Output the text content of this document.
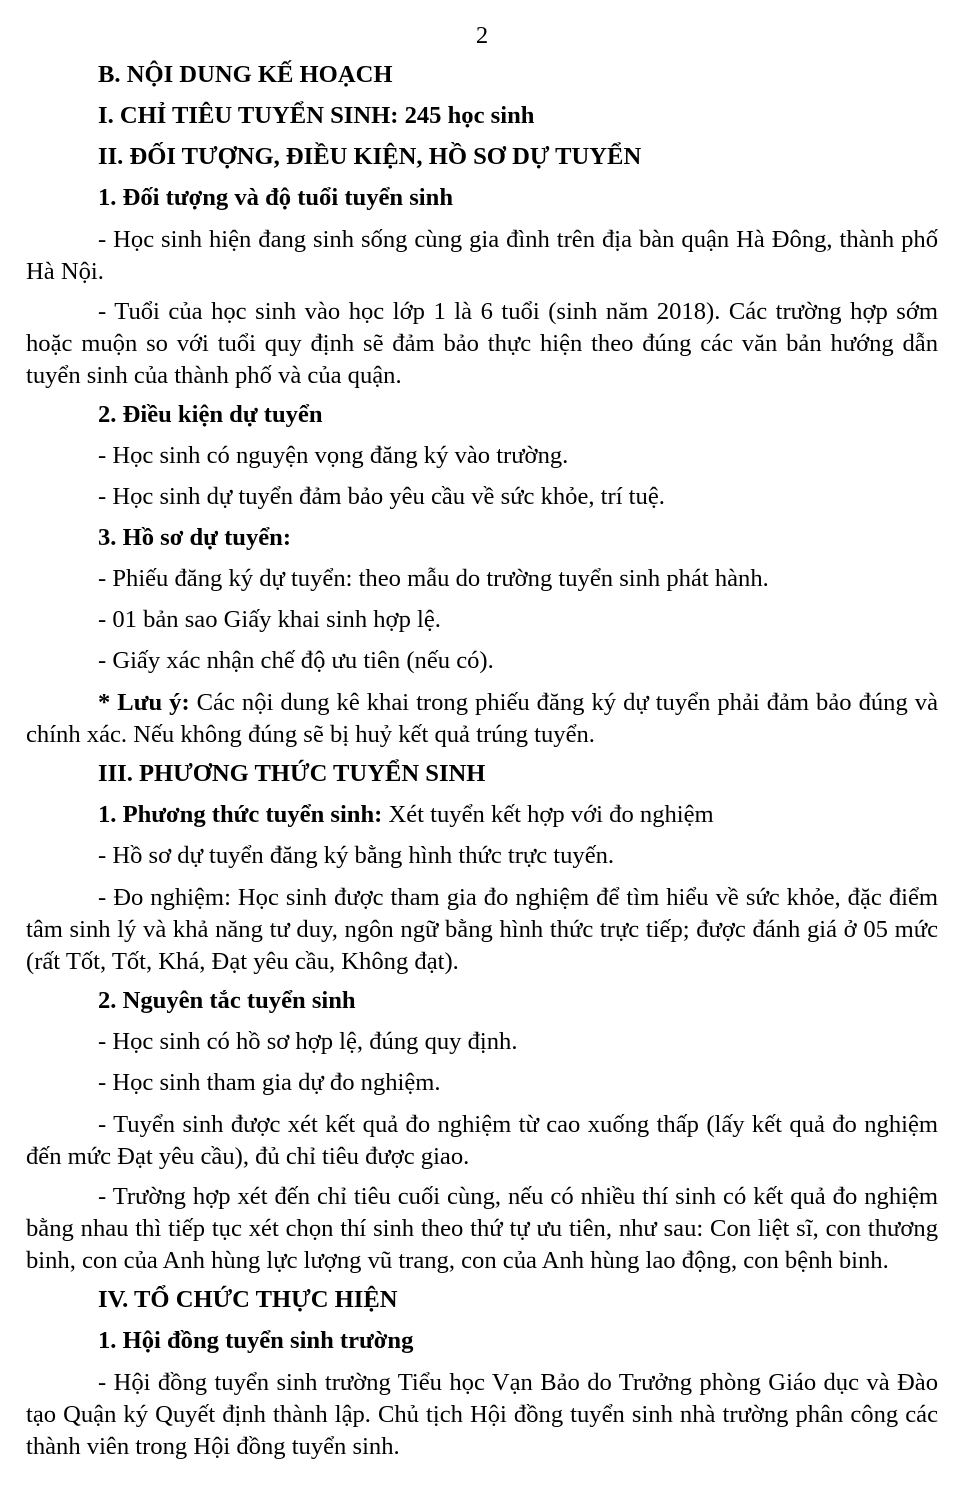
2
B. NỘI DUNG KẾ HOẠCH
I. CHỈ TIÊU TUYỂN SINH: 245 học sinh
II. ĐỐI TƯỢNG, ĐIỀU KIỆN, HỒ SƠ DỰ TUYỂN
1. Đối tượng và độ tuổi tuyển sinh
- Học sinh hiện đang sinh sống cùng gia đình trên địa bàn quận Hà Đông, thành phố Hà Nội.
- Tuổi của học sinh vào học lớp 1 là 6 tuổi (sinh năm 2018). Các trường hợp sớm hoặc muộn so với tuổi quy định sẽ đảm bảo thực hiện theo đúng các văn bản hướng dẫn tuyển sinh của thành phố và của quận.
2. Điều kiện dự tuyển
- Học sinh có nguyện vọng đăng ký vào trường.
- Học sinh dự tuyển đảm bảo yêu cầu về sức khỏe, trí tuệ.
3. Hồ sơ dự tuyển:
- Phiếu đăng ký dự tuyển: theo mẫu do trường tuyển sinh phát hành.
- 01 bản sao Giấy khai sinh hợp lệ.
- Giấy xác nhận chế độ ưu tiên (nếu có).
* Lưu ý: Các nội dung kê khai trong phiếu đăng ký dự tuyển phải đảm bảo đúng và chính xác. Nếu không đúng sẽ bị huỷ kết quả trúng tuyển.
III. PHƯƠNG THỨC TUYỂN SINH
1. Phương thức tuyển sinh: Xét tuyển kết hợp với đo nghiệm
- Hồ sơ dự tuyển đăng ký bằng hình thức trực tuyến.
- Đo nghiệm: Học sinh được tham gia đo nghiệm để tìm hiểu về sức khỏe, đặc điểm tâm sinh lý và khả năng tư duy, ngôn ngữ bằng hình thức trực tiếp; được đánh giá ở 05 mức (rất Tốt, Tốt, Khá, Đạt yêu cầu, Không đạt).
2. Nguyên tắc tuyển sinh
- Học sinh có hồ sơ hợp lệ, đúng quy định.
- Học sinh tham gia dự đo nghiệm.
- Tuyển sinh được xét kết quả đo nghiệm từ cao xuống thấp (lấy kết quả đo nghiệm đến mức Đạt yêu cầu), đủ chỉ tiêu được giao.
- Trường hợp xét đến chỉ tiêu cuối cùng, nếu có nhiều thí sinh có kết quả đo nghiệm bằng nhau thì tiếp tục xét chọn thí sinh theo thứ tự ưu tiên, như sau: Con liệt sĩ, con thương binh, con của Anh hùng lực lượng vũ trang, con của Anh hùng lao động, con bệnh binh.
IV. TỔ CHỨC THỰC HIỆN
1. Hội đồng tuyển sinh trường
- Hội đồng tuyển sinh trường Tiểu học Vạn Bảo do Trưởng phòng Giáo dục và Đào tạo Quận ký Quyết định thành lập. Chủ tịch Hội đồng tuyển sinh nhà trường phân công các thành viên trong Hội đồng tuyển sinh.
